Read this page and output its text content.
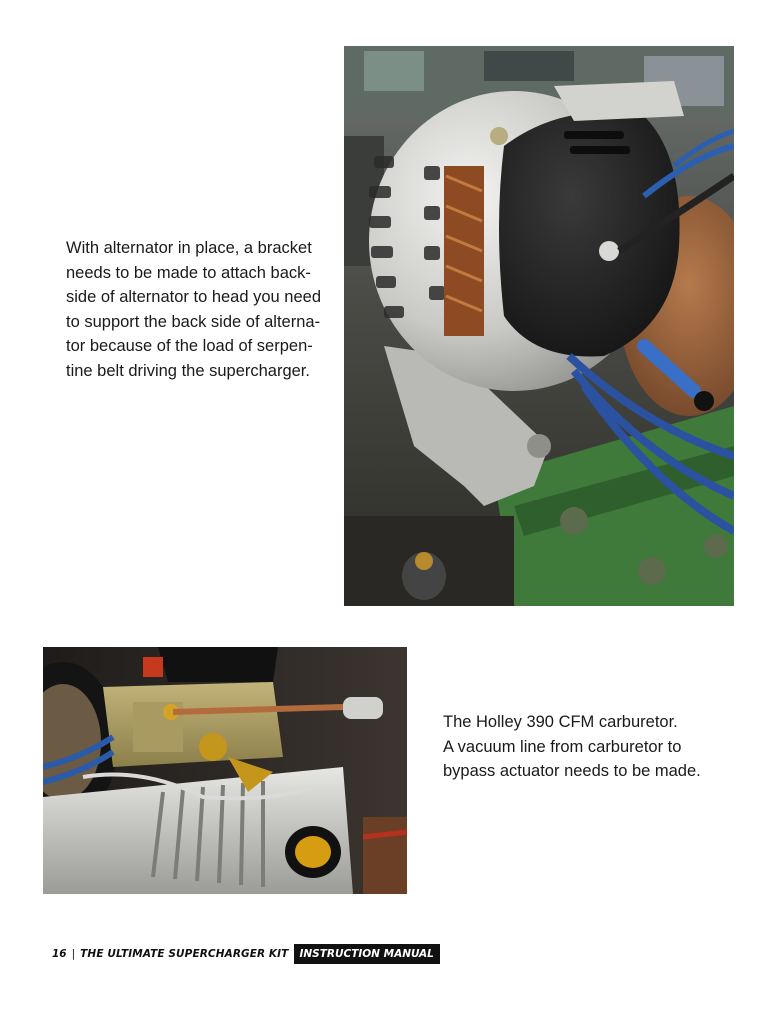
With alternator in place, a bracket
needs to be made to attach back-
side of alternator to head you need
to support the back side of alterna-
tor because of the load of serpen-
tine belt driving the supercharger.

The Holley 390 CFM carburetor.
A vacuum line from carburetor to
bypass actuator needs to be made.

16 | THE ULTIMATE SUPERCHARGER KIT	INSTRUCTION MANUAL
